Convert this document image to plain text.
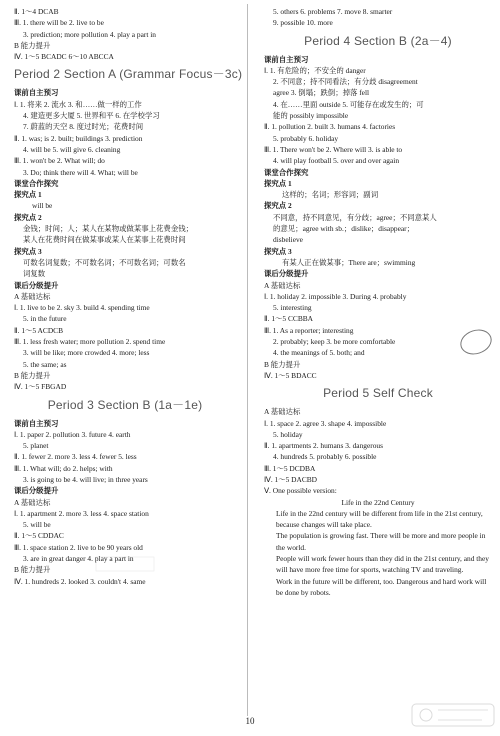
Ⅱ. 1～4 DCAB
Ⅲ. 1. there will be 2. live to be
3. prediction; more pollution 4. play a part in
B 能力提升
Ⅳ. 1～5 BCADC 6～10 ABCCA
Period 2 Section A (Grammar Focus－3c)
课前自主预习
Ⅰ. 1. 将来 2. 流水 3. 和……做一样的工作
4. 建造更多大厦 5. 世界和平 6. 在学校学习
7. 蔚蓝的天空 8. 度过时光；花费时间
Ⅱ. 1. was; is 2. built; buildings 3. prediction
4. will be 5. will give 6. cleaning
Ⅲ. 1. won't be 2. What will; do
3. Do; think there will 4. What; will be
课堂合作探究
探究点 1
will be
探究点 2
金钱；时间；人；某人在某物或做某事上花费金钱；
某人在花费时间在做某事或某人在某事上花费时间
探究点 3
可数名词复数；不可数名词；不可数名词；可数名
词复数
课后分级提升
A 基础达标
Ⅰ. 1. live to be 2. sky 3. build 4. spending time
5. in the future
Ⅱ. 1～5 ACDCB
Ⅲ. 1. less fresh water; more pollution 2. spend time
3. will be like; more crowded 4. more; less
5. the same; as
B 能力提升
Ⅳ. 1～5 FBGAD
Period 3 Section B (1a－1e)
课前自主预习
Ⅰ. 1. paper 2. pollution 3. future 4. earth
5. planet
Ⅱ. 1. fewer 2. more 3. less 4. fewer 5. less
Ⅲ. 1. What will; do 2. helps; with
3. is going to be 4. will live; in three years
课后分级提升
A 基础达标
Ⅰ. 1. apartment 2. more 3. less 4. space station
5. will be
Ⅱ. 1～5 CDDAC
Ⅲ. 1. space station 2. live to be 90 years old
3. are in great danger 4. play a part in
B 能力提升
Ⅳ. 1. hundreds 2. looked 3. couldn't 4. same
5. others 6. problems 7. move 8. smarter
9. possible 10. more
Period 4 Section B (2a－4)
课前自主预习
Ⅰ. 1. 有危险的；不安全的 danger
2. 不同意；持不同看法；有分歧 disagreement
agree 3. 倒塌；跌倒；掉落 fell
4. 在……里面 outside 5. 可能存在或发生的；可
能的 possibly impossible
Ⅱ. 1. pollution 2. built 3. humans 4. factories
5. probably 6. holiday
Ⅲ. 1. There won't be 2. Where will 3. is able to
4. will play football 5. over and over again
课堂合作探究
探究点 1
这样的；名词；形容词；副词
探究点 2
不同意，持不同意见，有分歧；agree；不同意某人
的意见；agree with sb.；dislike；disappear；
disbelieve
探究点 3
有某人正在做某事；There are；swimming
课后分级提升
A 基础达标
Ⅰ. 1. holiday 2. impossible 3. During 4. probably
5. interesting
Ⅱ. 1～5 CCBBA
Ⅲ. 1. As a reporter; interesting
2. probably; keep 3. be more comfortable
4. the meanings of 5. both; and
B 能力提升
Ⅳ. 1～5 BDACC
Period 5 Self Check
A 基础达标
Ⅰ. 1. space 2. agree 3. shape 4. impossible
5. holiday
Ⅱ. 1. apartments 2. humans 3. dangerous
4. hundreds 5. probably 6. possible
Ⅲ. 1～5 DCDBA
Ⅳ. 1～5 DACBD
Ⅴ. One possible version:
Life in the 22nd Century
Life in the 22nd century will be different from life in the 21st century, because changes will take place.
The population is growing fast. There will be more and more people in the world.
People will work fewer hours than they did in the 21st century, and they will have more free time for sports, watching TV and traveling.
Work in the future will be different, too. Dangerous and hard work will be done by robots.
10
